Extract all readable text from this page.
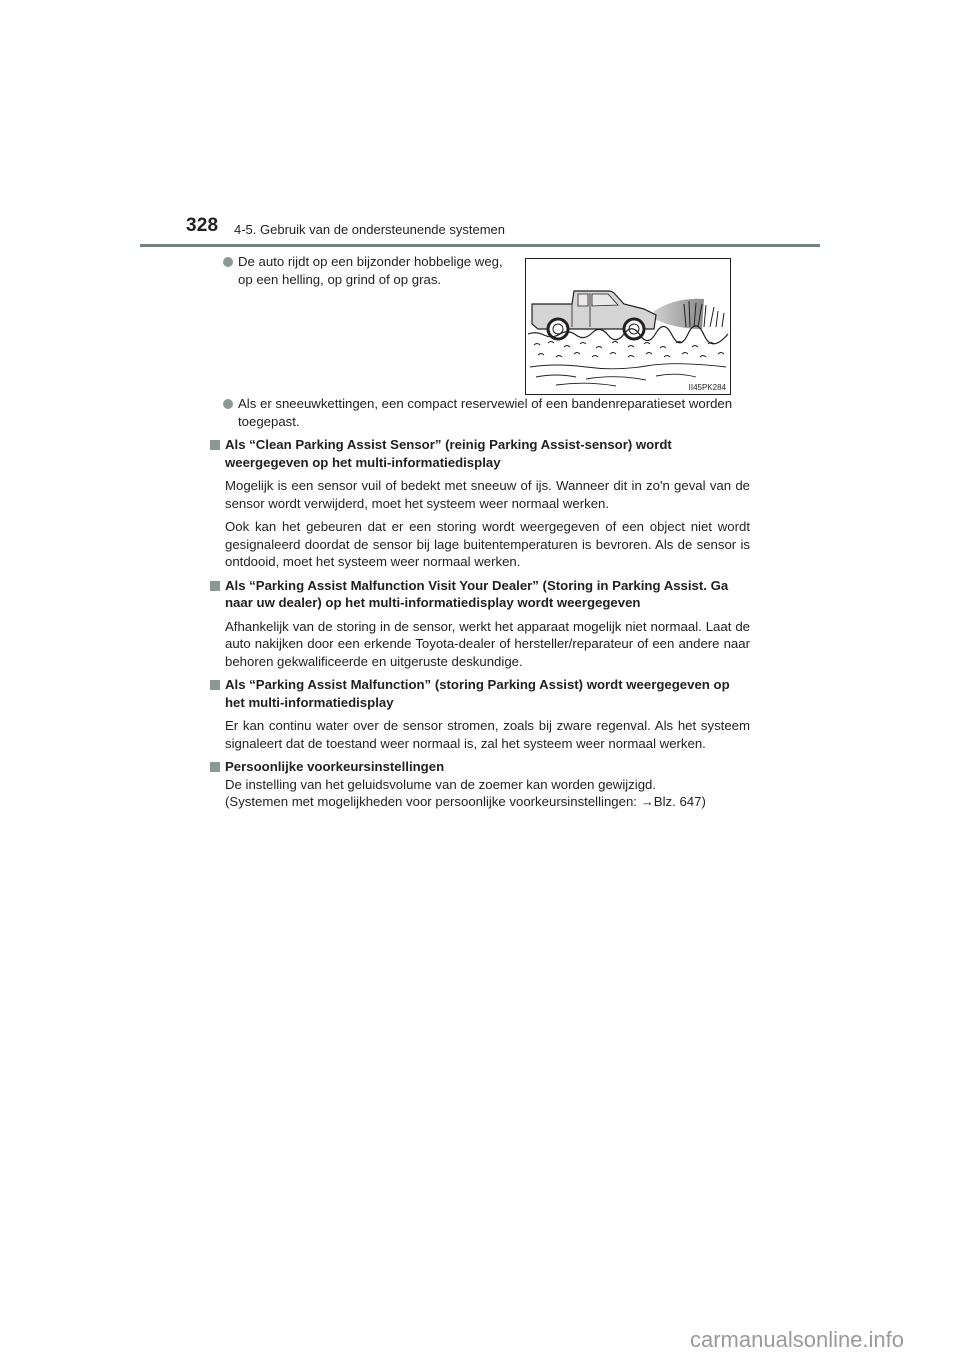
328 4-5. Gebruik van de ondersteunende systemen
II45PK284

De auto rijdt op een bijzonder hobbelige weg, op een helling, op grind of op gras.

Als er sneeuwkettingen, een compact reservewiel of een bandenreparatieset worden toegepast.

Als “Clean Parking Assist Sensor” (reinig Parking Assist-sensor) wordt weergegeven op het multi-informatiedisplay

Mogelijk is een sensor vuil of bedekt met sneeuw of ijs. Wanneer dit in zo'n geval van de sensor wordt verwijderd, moet het systeem weer normaal werken.

Ook kan het gebeuren dat er een storing wordt weergegeven of een object niet wordt gesignaleerd doordat de sensor bij lage buitentemperaturen is bevroren. Als de sensor is ontdooid, moet het systeem weer normaal werken.

Als “Parking Assist Malfunction Visit Your Dealer” (Storing in Parking Assist. Ga naar uw dealer) op het multi-informatiedisplay wordt weergegeven

Afhankelijk van de storing in de sensor, werkt het apparaat mogelijk niet normaal. Laat de auto nakijken door een erkende Toyota-dealer of hersteller/reparateur of een andere naar behoren gekwalificeerde en uitgeruste deskundige.

Als “Parking Assist Malfunction” (storing Parking Assist) wordt weergegeven op het multi-informatiedisplay

Er kan continu water over de sensor stromen, zoals bij zware regenval. Als het systeem signaleert dat de toestand weer normaal is, zal het systeem weer normaal werken.

Persoonlijke voorkeursinstellingen

De instelling van het geluidsvolume van de zoemer kan worden gewijzigd.

(Systemen met mogelijkheden voor persoonlijke voorkeursinstellingen: →Blz. 647)

carmanualsonline.info
